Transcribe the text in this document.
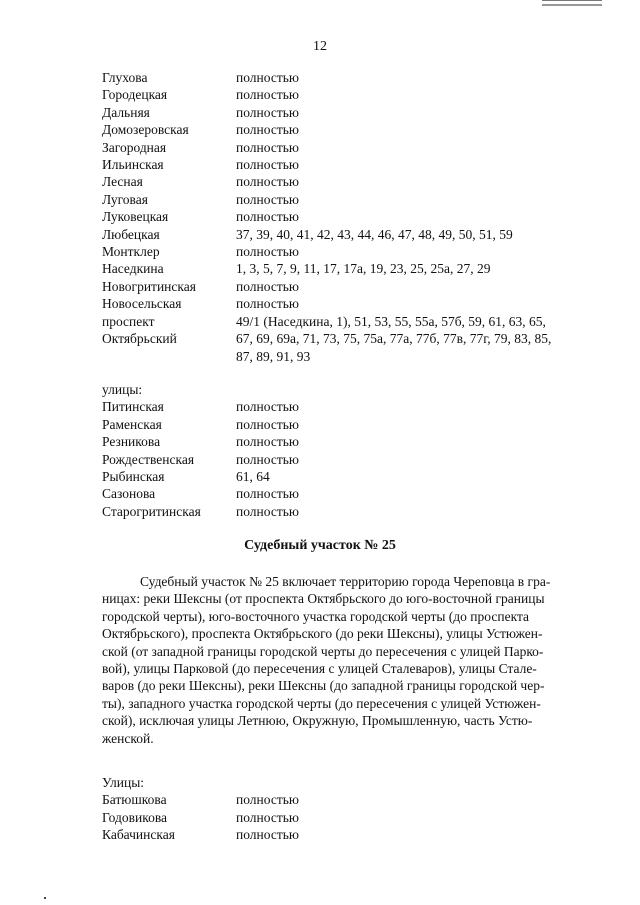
12
Глухова	полностью
Городецкая	полностью
Дальняя	полностью
Домозеровская	полностью
Загородная	полностью
Ильинская	полностью
Лесная	полностью
Луговая	полностью
Луковецкая	полностью
Любецкая	37, 39, 40, 41, 42, 43, 44, 46, 47, 48, 49, 50, 51, 59
Монтклер	полностью
Наседкина	1, 3, 5, 7, 9, 11, 17, 17а, 19, 23, 25, 25а, 27, 29
Новогритинская	полностью
Новосельская	полностью
проспект	49/1 (Наседкина, 1), 51, 53, 55, 55а, 57б, 59, 61, 63, 65,
Октябрьский	67, 69, 69а, 71, 73, 75, 75а, 77а, 77б, 77в, 77г, 79, 83, 85,
87, 89, 91, 93
улицы:
Питинская	полностью
Раменская	полностью
Резникова	полностью
Рождественская	полностью
Рыбинская	61, 64
Сазонова	полностью
Старогритинская	полностью
Судебный участок № 25
Судебный участок № 25 включает территорию города Череповца в гра-
ницах: реки Шексны (от проспекта Октябрьского до юго-восточной границы
городской черты), юго-восточного участка городской черты (до проспекта
Октябрьского), проспекта Октябрьского (до реки Шексны), улицы Устюжен-
ской (от западной границы городской черты до пересечения с улицей Парко-
вой), улицы Парковой (до пересечения с улицей Сталеваров), улицы Стале-
варов (до реки Шексны), реки Шексны (до западной границы городской чер-
ты), западного участка городской черты (до пересечения с улицей Устюжен-
ской), исключая улицы Летнюю, Окружную, Промышленную, часть Устю-
женской.
Улицы:
Батюшкова	полностью
Годовикова	полностью
Кабачинская	полностью
